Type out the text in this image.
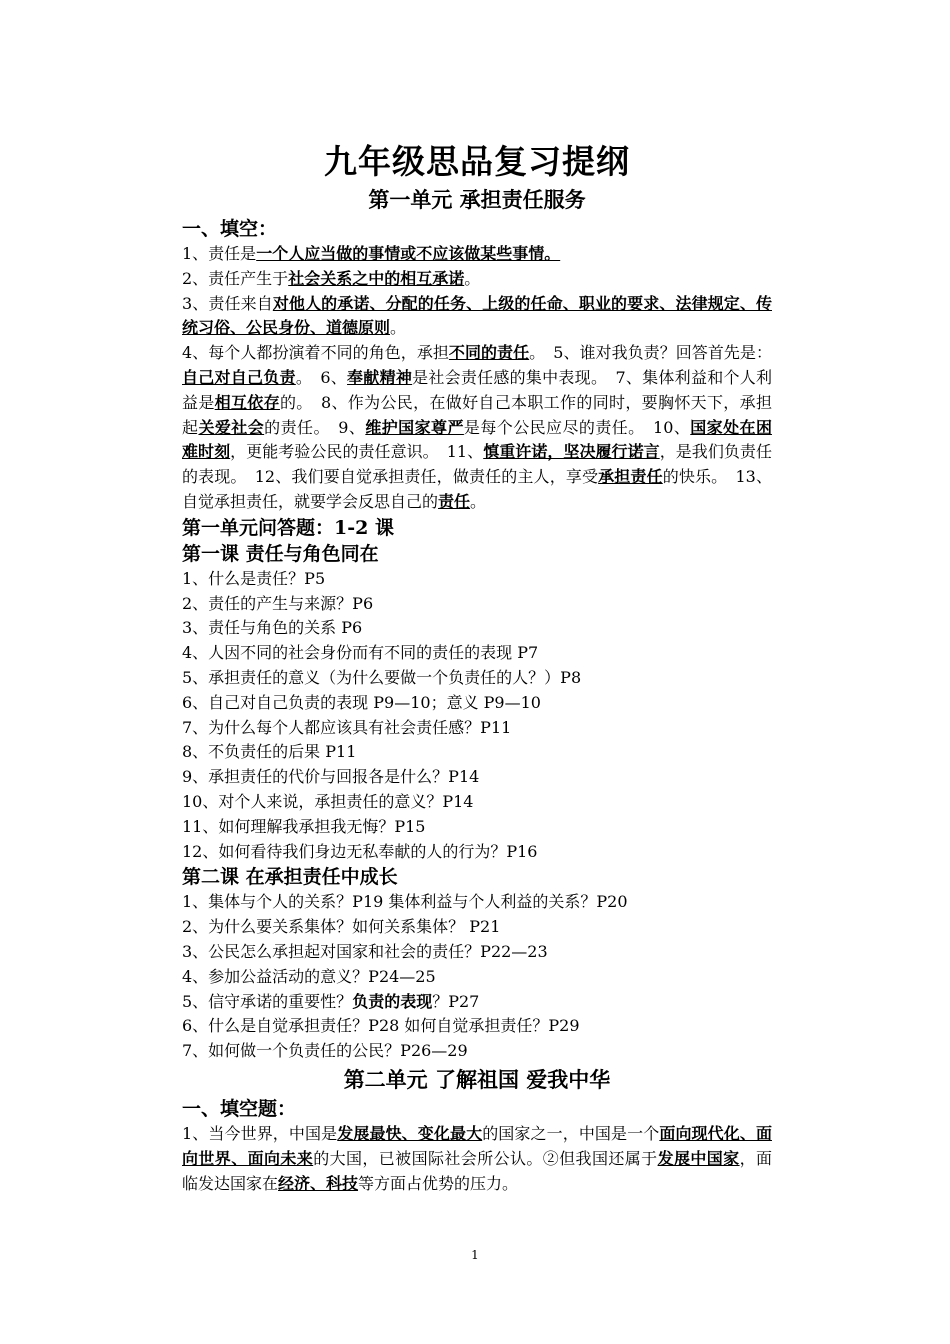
九年级思品复习提纲
第一单元 承担责任服务
一、填空：

1、责任是一个人应当做的事情或不应该做某些事情。

2、责任产生于社会关系之中的相互承诺。

3、责任来自对他人的承诺、分配的任务、上级的任命、职业的要求、法律规定、传统习俗、公民身份、道德原则。

4、每个人都扮演着不同的角色，承担不同的责任。　5、谁对我负责？回答首先是：自己对自己负责。　6、奉献精神是社会责任感的集中表现。　7、集体利益和个人利益是相互依存的。　8、作为公民，在做好自己本职工作的同时，要胸怀天下，承担起关爱社会的责任。　9、维护国家尊严是每个公民应尽的责任。　10、国家处在困难时刻，更能考验公民的责任意识。　11、慎重许诺，坚决履行诺言，是我们负责任的表现。　12、我们要自觉承担责任，做责任的主人，享受承担责任的快乐。　13、自觉承担责任，就要学会反思自己的责任。

第一单元问答题：1-2 课
第一课 责任与角色同在
1、什么是责任？P5
2、责任的产生与来源？P6
3、责任与角色的关系 P6
4、人因不同的社会身份而有不同的责任的表现 P7
5、承担责任的意义（为什么要做一个负责任的人？）P8
6、自己对自己负责的表现 P9—10；意义 P9—10
7、为什么每个人都应该具有社会责任感？P11
8、不负责任的后果 P11
9、承担责任的代价与回报各是什么？P14
10、对个人来说，承担责任的意义？P14
11、如何理解我承担我无悔？P15
12、如何看待我们身边无私奉献的人的行为？P16
第二课 在承担责任中成长
1、集体与个人的关系？P19 集体利益与个人利益的关系？P20
2、为什么要关系集体？如何关系集体？ P21
3、公民怎么承担起对国家和社会的责任？P22—23
4、参加公益活动的意义？P24—25
5、信守承诺的重要性？负责的表现？P27
6、什么是自觉承担责任？P28 如何自觉承担责任？P29
7、如何做一个负责任的公民？P26—29
第二单元 了解祖国 爱我中华
一、填空题：

1、当今世界，中国是发展最快、变化最大的国家之一，中国是一个面向现代化、面向世界、面向未来的大国，已被国际社会所公认。②但我国还属于发展中国家，面临发达国家在经济、科技等方面占优势的压力。

1
